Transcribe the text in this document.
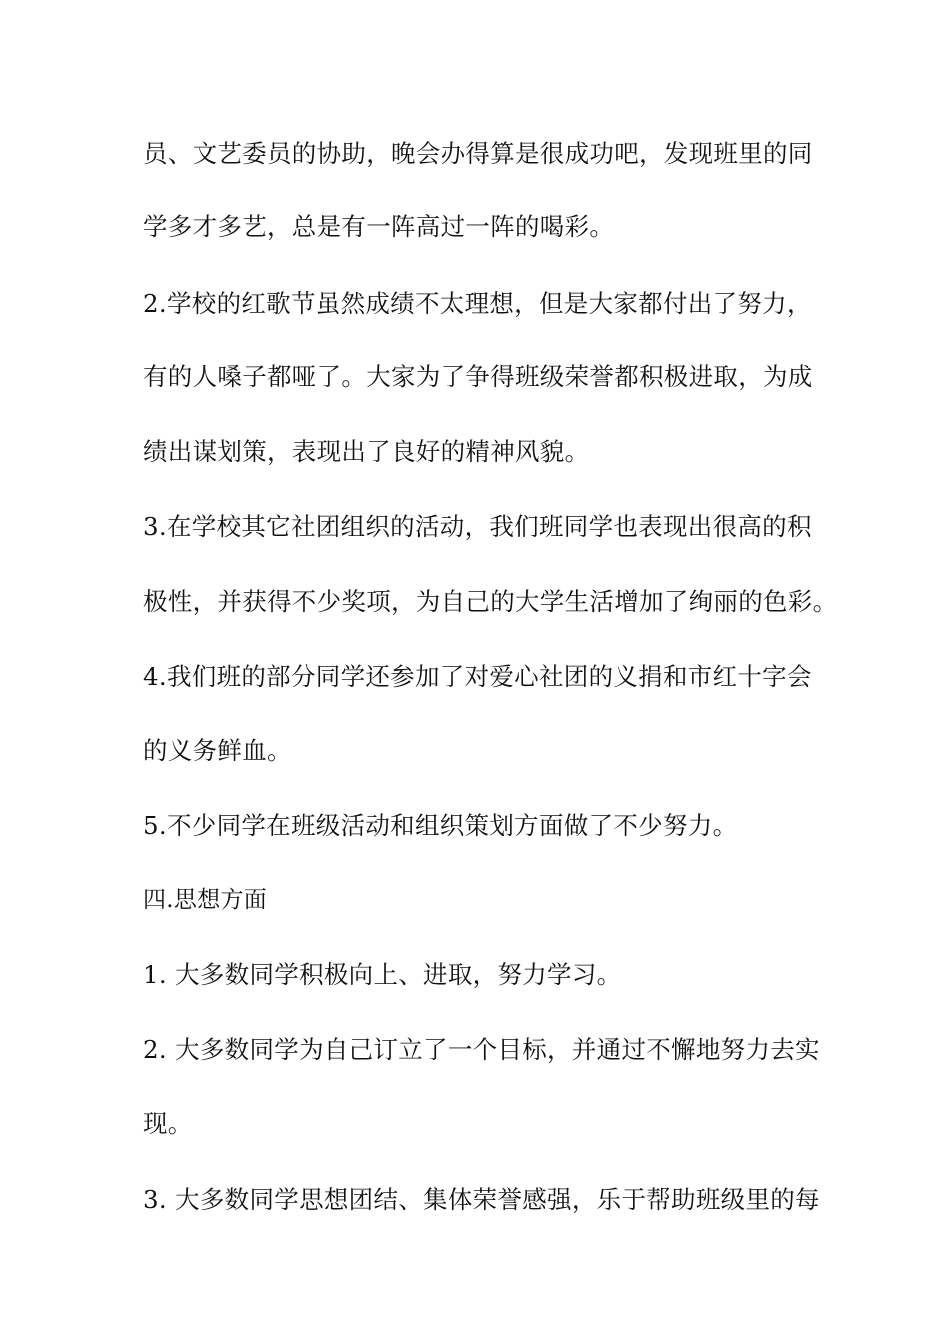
员、文艺委员的协助，晚会办得算是很成功吧，发现班里的同
学多才多艺，总是有一阵高过一阵的喝彩。
2.学校的红歌节虽然成绩不太理想，但是大家都付出了努力，
有的人嗓子都哑了。大家为了争得班级荣誉都积极进取，为成
绩出谋划策，表现出了良好的精神风貌。
3.在学校其它社团组织的活动，我们班同学也表现出很高的积
极性，并获得不少奖项，为自己的大学生活增加了绚丽的色彩。
4.我们班的部分同学还参加了对爱心社团的义捐和市红十字会
的义务鲜血。
5.不少同学在班级活动和组织策划方面做了不少努力。
四.思想方面
1. 大多数同学积极向上、进取，努力学习。
2. 大多数同学为自己订立了一个目标，并通过不懈地努力去实
现。
3. 大多数同学思想团结、集体荣誉感强，乐于帮助班级里的每
